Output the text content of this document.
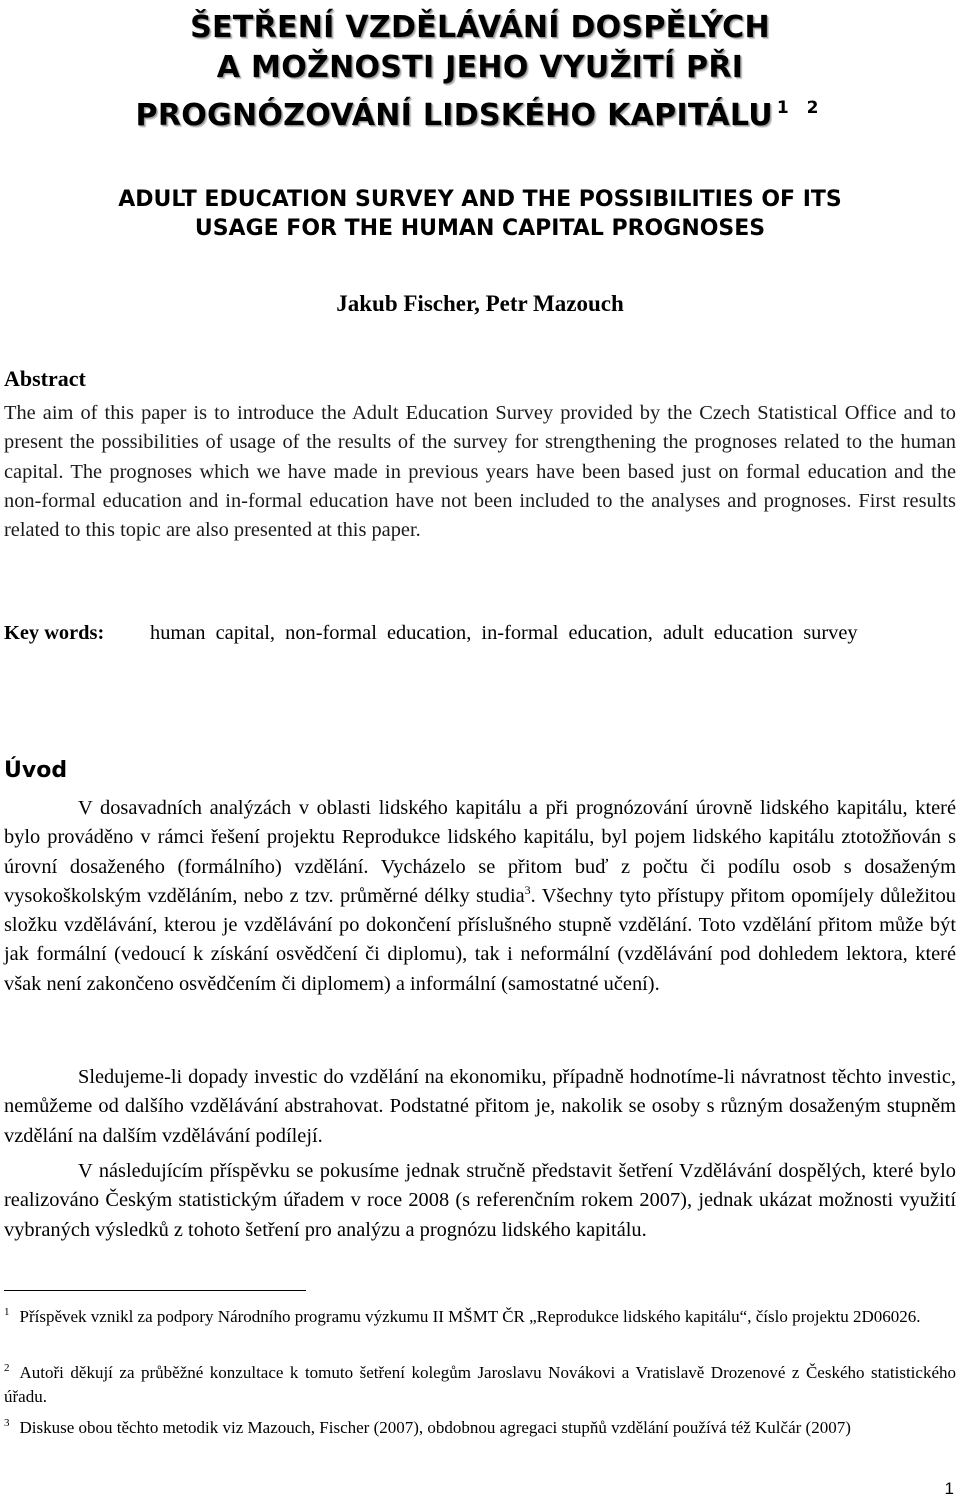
ŠETŘENÍ VZDĚLÁVÁNÍ DOSPĚLÝCH
A MOŽNOSTI JEHO VYUŽITÍ PŘI
PROGNÓZOVÁNÍ LIDSKÉHO KAPITÁLU $^{1 2}$
ADULT EDUCATION SURVEY AND THE POSSIBILITIES OF ITS
USAGE FOR THE HUMAN CAPITAL PROGNOSES
Jakub Fischer, Petr Mazouch
Abstract
The aim of this paper is to introduce the Adult Education Survey provided by the Czech Statistical Office and to present the possibilities of usage of the results of the survey for strengthening the prognoses related to the human capital. The prognoses which we have made in previous years have been based just on formal education and the non-formal education and in-formal education have not been included to the analyses and prognoses. First results related to this topic are also presented at this paper.
Key words:	human capital, non-formal education, in-formal education, adult education survey
Úvod
V dosavadních analýzách v oblasti lidského kapitálu a při prognózování úrovně lidského kapitálu, které bylo prováděno v rámci řešení projektu Reprodukce lidského kapitálu, byl pojem lidského kapitálu ztotožňován s úrovní dosaženého (formálního) vzdělání. Vycházelo se přitom buď z počtu či podílu osob s dosaženým vysokoškolským vzděláním, nebo z tzv. průměrné délky studia$^3$. Všechny tyto přístupy přitom opomíjely důležitou složku vzdělávání, kterou je vzdělávání po dokončení příslušného stupně vzdělání. Toto vzdělání přitom může být jak formální (vedoucí k získání osvědčení či diplomu), tak i neformální (vzdělávání pod dohledem lektora, které však není zakončeno osvědčením či diplomem) a informální (samostatné učení).
Sledujeme-li dopady investic do vzdělání na ekonomiku, případně hodnotíme-li návratnost těchto investic, nemůžeme od dalšího vzdělávání abstrahovat. Podstatné přitom je, nakolik se osoby s různým dosaženým stupněm vzdělání na dalším vzdělávání podílejí.
V následujícím příspěvku se pokusíme jednak stručně představit šetření Vzdělávání dospělých, které bylo realizováno Českým statistickým úřadem v roce 2008 (s referenčním rokem 2007), jednak ukázat možnosti využití vybraných výsledků z tohoto šetření pro analýzu a prognózu lidského kapitálu.
$^1$ Příspěvek vznikl za podpory Národního programu výzkumu II MŠMT ČR „Reprodukce lidského kapitálu“, číslo projektu 2D06026.
$^2$ Autoři děkují za průběžné konzultace k tomuto šetření kolegům Jaroslavu Novákovi a Vratislavě Drozenové z Českého statistického úřadu.
$^3$ Diskuse obou těchto metodik viz Mazouch, Fischer (2007), obdobnou agregaci stupňů vzdělání používá též Kulčár (2007)
1
